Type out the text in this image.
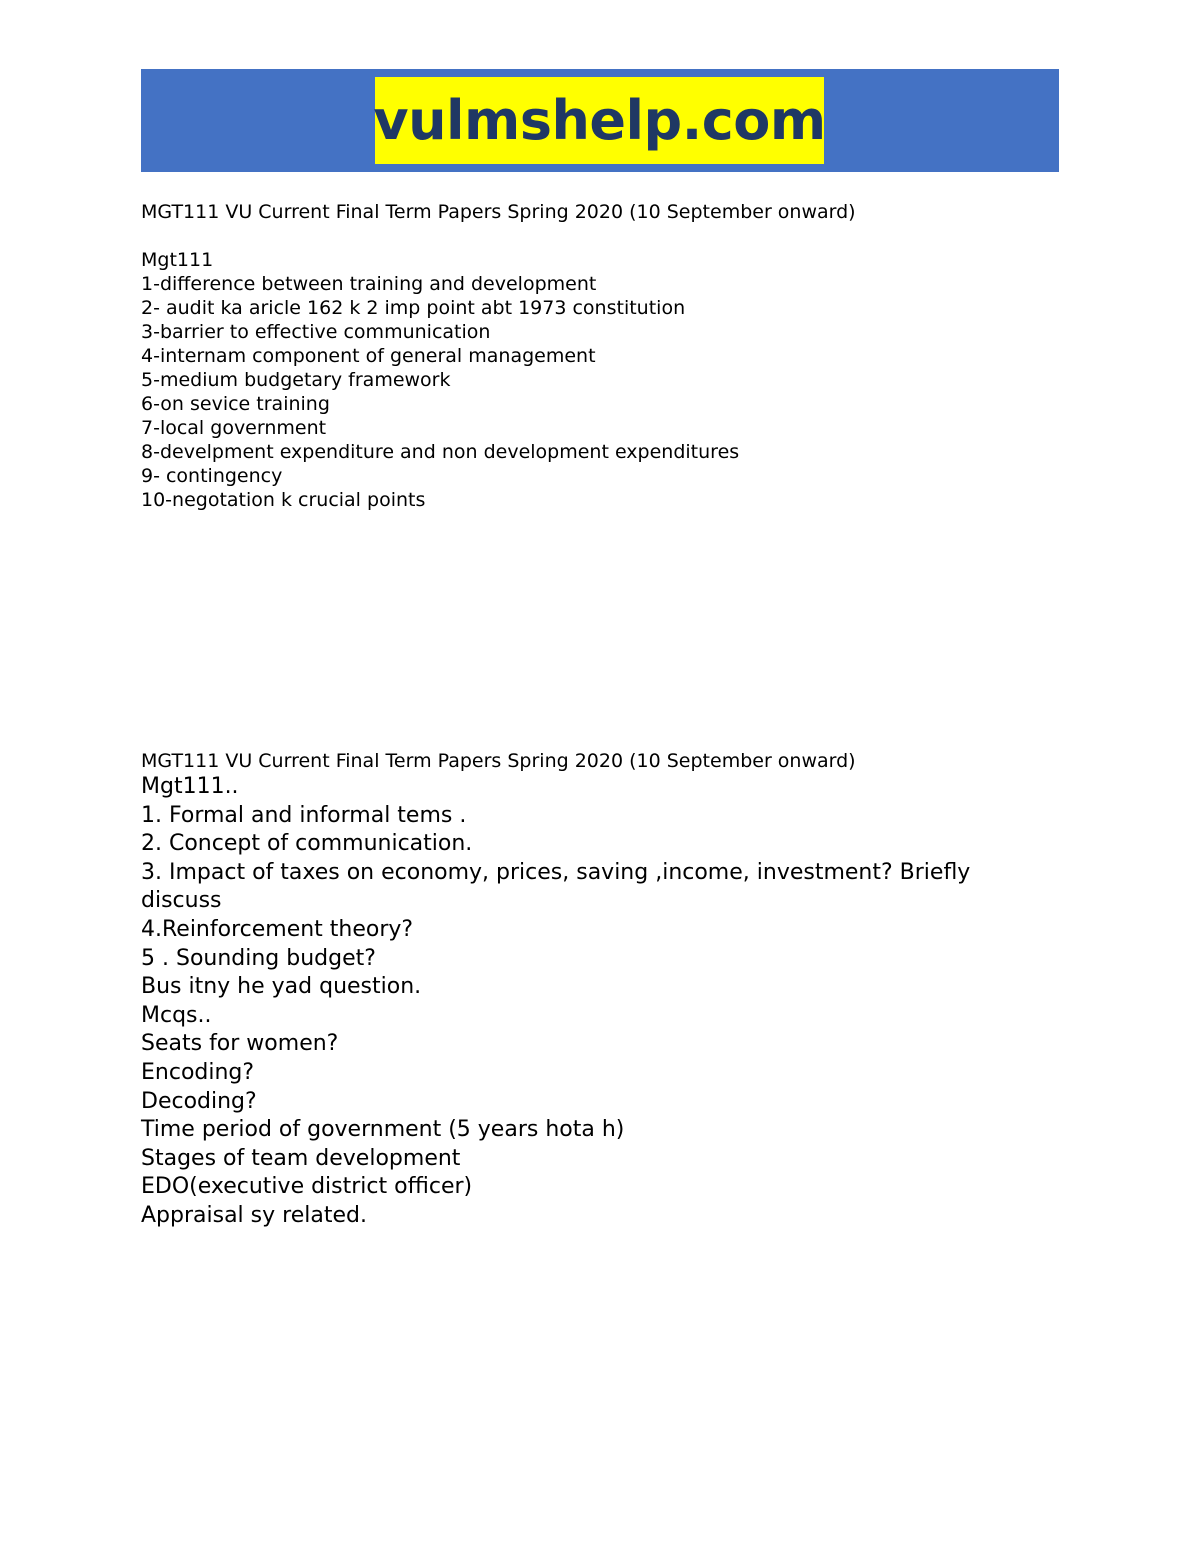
vulmshelp.com

MGT111 VU Current Final Term Papers Spring 2020 (10 September onward)

Mgt111

1-difference between training and development
2- audit ka aricle 162 k 2 imp point abt 1973 constitution
3-barrier to effective communication
4-internam component of general management
5-medium budgetary framework
6-on sevice training
7-local government
8-develpment expenditure and non development expenditures
9- contingency
10-negotation k crucial points

MGT111 VU Current Final Term Papers Spring 2020 (10 September onward)

Mgt111..

1. Formal and informal tems .
2. Concept of communication.
3. Impact of taxes on economy, prices, saving ,income, investment? Briefly discuss
4.Reinforcement theory?
5 . Sounding budget?

Bus itny he yad question.

Mcqs..

Seats for women?
Encoding?
Decoding?
Time period of government (5 years hota h)
Stages of team development
EDO(executive district officer)
Appraisal sy related.
